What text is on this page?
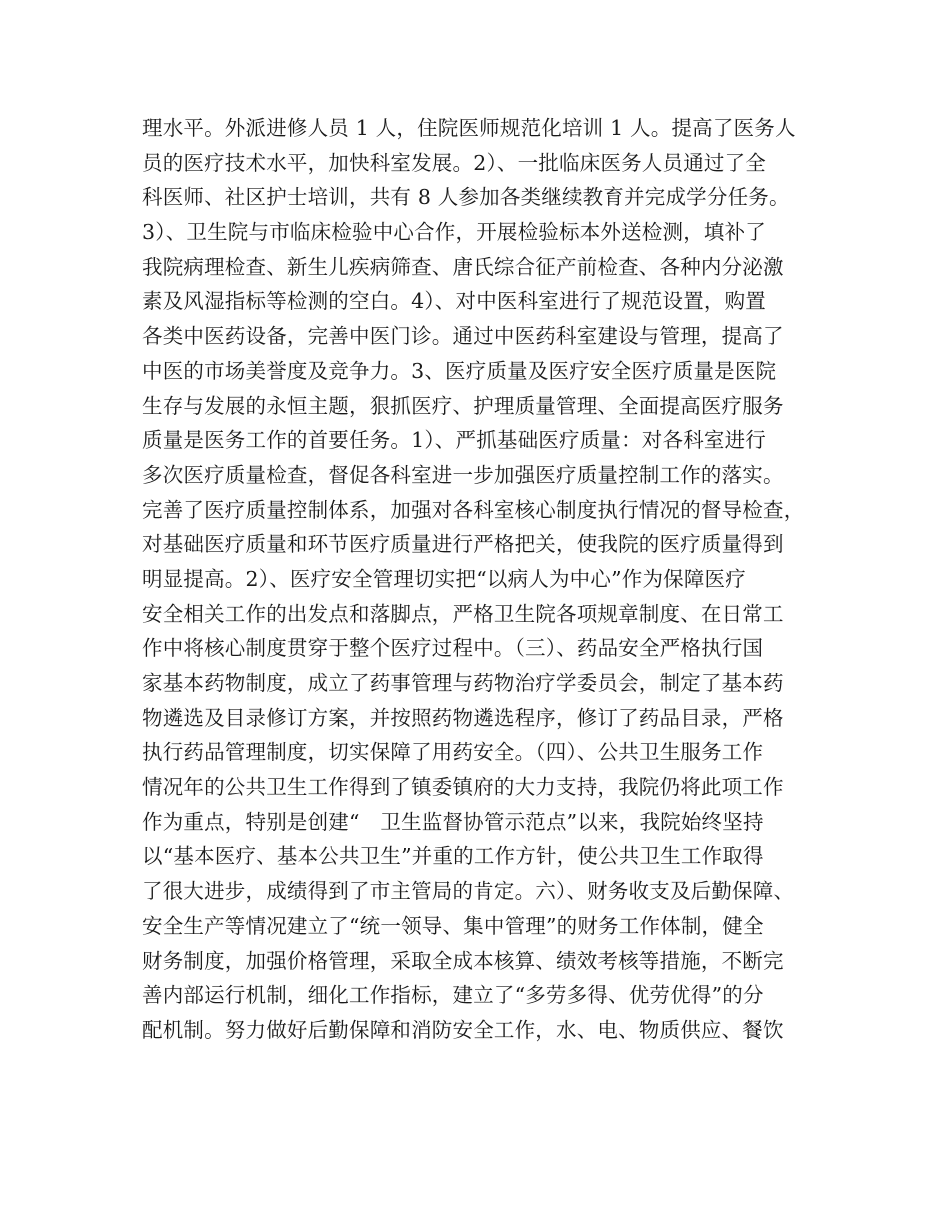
理水平。外派进修人员 1 人，住院医师规范化培训 1 人。提高了医务人
员的医疗技术水平，加快科室发展。2）、一批临床医务人员通过了全
科医师、社区护士培训，共有 8 人参加各类继续教育并完成学分任务。
3）、卫生院与市临床检验中心合作，开展检验标本外送检测，填补了
我院病理检查、新生儿疾病筛查、唐氏综合征产前检查、各种内分泌激
素及风湿指标等检测的空白。4）、对中医科室进行了规范设置，购置
各类中医药设备，完善中医门诊。通过中医药科室建设与管理，提高了
中医的市场美誉度及竞争力。3、医疗质量及医疗安全医疗质量是医院
生存与发展的永恒主题，狠抓医疗、护理质量管理、全面提高医疗服务
质量是医务工作的首要任务。1）、严抓基础医疗质量：对各科室进行
多次医疗质量检查，督促各科室进一步加强医疗质量控制工作的落实。
完善了医疗质量控制体系，加强对各科室核心制度执行情况的督导检查，
对基础医疗质量和环节医疗质量进行严格把关，使我院的医疗质量得到
明显提高。2）、医疗安全管理切实把“以病人为中心”作为保障医疗
安全相关工作的出发点和落脚点，严格卫生院各项规章制度、在日常工
作中将核心制度贯穿于整个医疗过程中。（三）、药品安全严格执行国
家基本药物制度，成立了药事管理与药物治疗学委员会，制定了基本药
物遴选及目录修订方案，并按照药物遴选程序，修订了药品目录，严格
执行药品管理制度，切实保障了用药安全。（四）、公共卫生服务工作
情况年的公共卫生工作得到了镇委镇府的大力支持，我院仍将此项工作
作为重点，特别是创建“　卫生监督协管示范点”以来，我院始终坚持
以“基本医疗、基本公共卫生”并重的工作方针，使公共卫生工作取得
了很大进步，成绩得到了市主管局的肯定。六）、财务收支及后勤保障、
安全生产等情况建立了“统一领导、集中管理”的财务工作体制，健全
财务制度，加强价格管理，采取全成本核算、绩效考核等措施，不断完
善内部运行机制，细化工作指标，建立了“多劳多得、优劳优得”的分
配机制。努力做好后勤保障和消防安全工作，水、电、物质供应、餐饮
